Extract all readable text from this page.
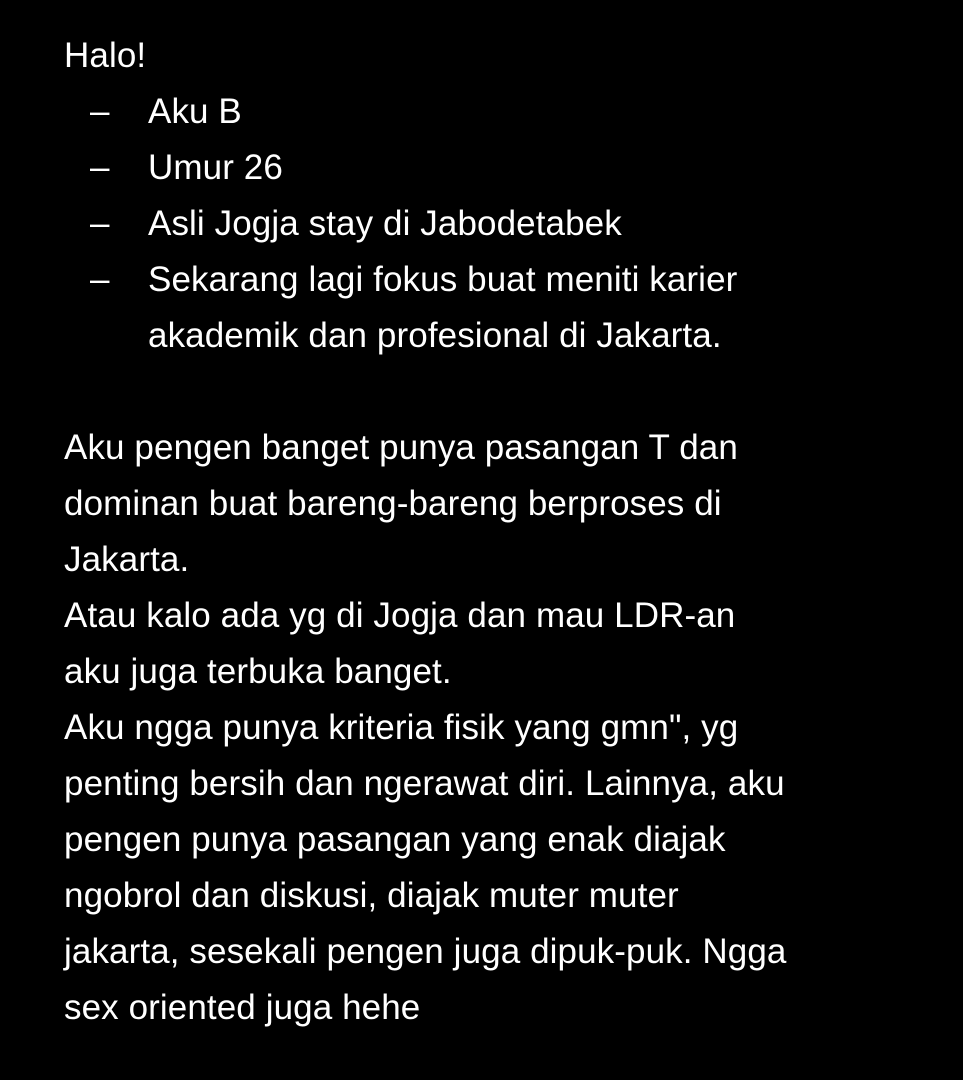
Halo!

– Aku B
– Umur 26
– Asli Jogja stay di Jabodetabek
– Sekarang lagi fokus buat meniti karier
akademik dan profesional di Jakarta.

Aku pengen banget punya pasangan T dan

dominan buat bareng-bareng berproses di

Jakarta.

Atau kalo ada yg di Jogja dan mau LDR-an

aku juga terbuka banget.

Aku ngga punya kriteria fisik yang gmn", yg

penting bersih dan ngerawat diri. Lainnya, aku

pengen punya pasangan yang enak diajak

ngobrol dan diskusi, diajak muter muter

jakarta, sesekali pengen juga dipuk-puk. Ngga

sex oriented juga hehe
